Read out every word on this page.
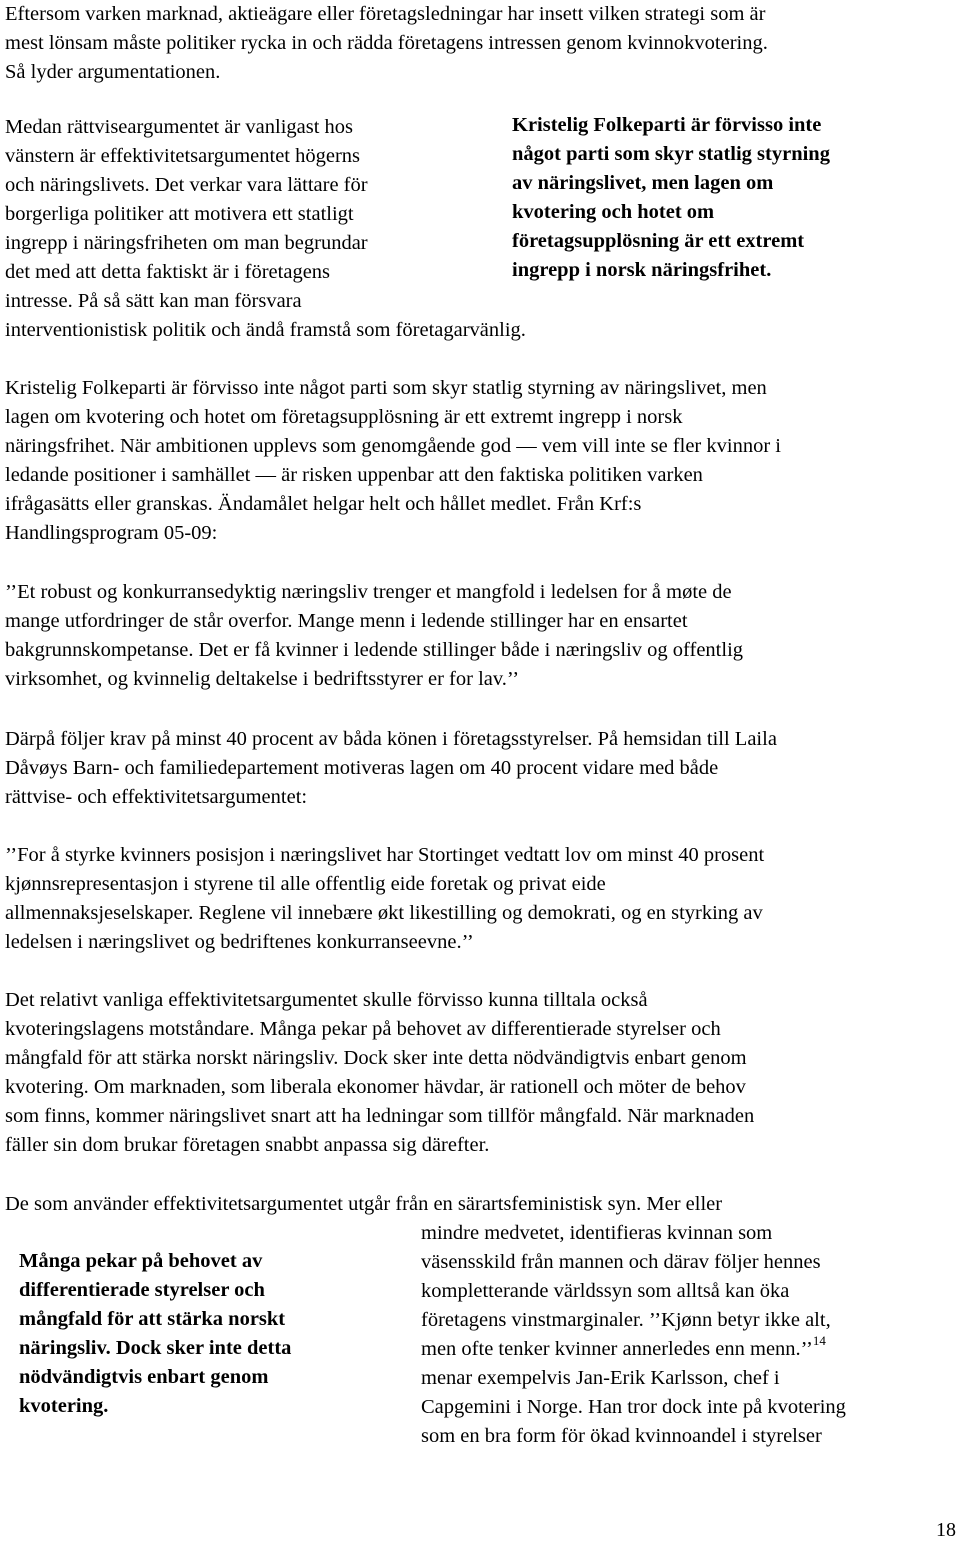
Eftersom varken marknad, aktieägare eller företagsledningar har insett vilken strategi som är
mest lönsam måste politiker rycka in och rädda företagens intressen genom kvinnokvotering.
Så lyder argumentationen.
Medan rättviseargumentet är vanligast hos
vänstern är effektivitetsargumentet högerns
och näringslivets. Det verkar vara lättare för
borgerliga politiker att motivera ett statligt
ingrepp i näringsfriheten om man begrundar
det med att detta faktiskt är i företagens
intresse. På så sätt kan man försvara
interventionistisk politik och ändå framstå som företagarvänlig.
Kristelig Folkeparti är förvisso inte
något parti som skyr statlig styrning
av näringslivet, men lagen om
kvotering och hotet om
företagsupplösning är ett extremt
ingrepp i norsk näringsfrihet.
Kristelig Folkeparti är förvisso inte något parti som skyr statlig styrning av näringslivet, men
lagen om kvotering och hotet om företagsupplösning är ett extremt ingrepp i norsk
näringsfrihet. När ambitionen upplevs som genomgående god — vem vill inte se fler kvinnor i
ledande positioner i samhället — är risken uppenbar att den faktiska politiken varken
ifrågasätts eller granskas. Ändamålet helgar helt och hållet medlet. Från Krf:s
Handlingsprogram 05-09:
’’Et robust og konkurransedyktig næringsliv trenger et mangfold i ledelsen for å møte de
mange utfordringer de står overfor. Mange menn i ledende stillinger har en ensartet
bakgrunnskompetanse. Det er få kvinner i ledende stillinger både i næringsliv og offentlig
virksomhet, og kvinnelig deltakelse i bedriftsstyrer er for lav.’’
Därpå följer krav på minst 40 procent av båda könen i företagsstyrelser. På hemsidan till Laila
Dåvøys Barn- och familiedepartement motiveras lagen om 40 procent vidare med både
rättvise- och effektivitetsargumentet:
’’For å styrke kvinners posisjon i næringslivet har Stortinget vedtatt lov om minst 40 prosent
kjønnsrepresentasjon i styrene til alle offentlig eide foretak og privat eide
allmennaksjeselskaper. Reglene vil innebære økt likestilling og demokrati, og en styrking av
ledelsen i næringslivet og bedriftenes konkurranseevne.’’
Det relativt vanliga effektivitetsargumentet skulle förvisso kunna tilltala också
kvoteringslagens motståndare. Många pekar på behovet av differentierade styrelser och
mångfald för att stärka norskt näringsliv. Dock sker inte detta nödvändigtvis enbart genom
kvotering. Om marknaden, som liberala ekonomer hävdar, är rationell och möter de behov
som finns, kommer näringslivet snart att ha ledningar som tillför mångfald. När marknaden
fäller sin dom brukar företagen snabbt anpassa sig därefter.
De som använder effektivitetsargumentet utgår från en särartsfeministisk syn. Mer eller
mindre medvetet, identifieras kvinnan som
väsensskild från mannen och därav följer hennes
kompletterande världssyn som alltså kan öka
företagens vinstmarginaler. ’’Kjønn betyr ikke alt,
men ofte tenker kvinner annerledes enn menn.’’$^{14}$
menar exempelvis Jan-Erik Karlsson, chef i
Capgemini i Norge. Han tror dock inte på kvotering
som en bra form för ökad kvinnoandel i styrelser
Många pekar på behovet av
differentierade styrelser och
mångfald för att stärka norskt
näringsliv. Dock sker inte detta
nödvändigtvis enbart genom
kvotering.
18
